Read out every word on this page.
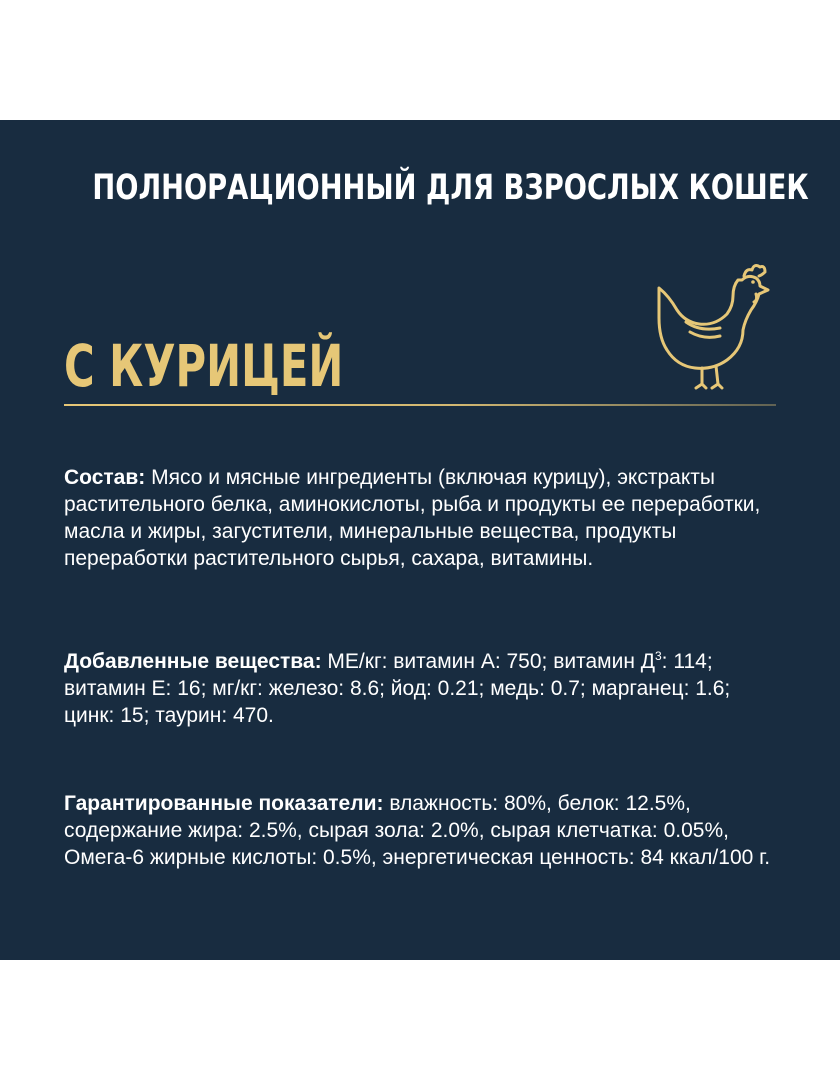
ПОЛНОРАЦИОННЫЙ ДЛЯ ВЗРОСЛЫХ КОШЕК
С КУРИЦЕЙ
Состав: Мясо и мясные ингредиенты (включая курицу), экстракты растительного белка, аминокислоты, рыба и продукты ее переработки, масла и жиры, загустители, минеральные вещества, продукты переработки растительного сырья, сахара, витамины.
Добавленные вещества: МЕ/кг: витамин А: 750; витамин $Д^3$: 114; витамин Е: 16; мг/кг: железо: 8.6; йод: 0.21; медь: 0.7; марганец: 1.6; цинк: 15; таурин: 470.
Гарантированные показатели: влажность: 80%, белок: 12.5%, содержание жира: 2.5%, сырая зола: 2.0%, сырая клетчатка: 0.05%, Омега-6 жирные кислоты: 0.5%, энергетическая ценность: 84 ккал/100 г.
